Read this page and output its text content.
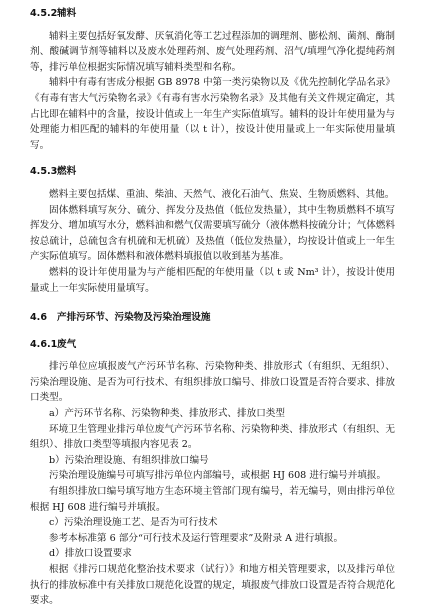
4.5.2辅料

辅料主要包括好氧发酵、厌氧消化等工艺过程添加的调理剂、膨松剂、菌剂、酶制剂、酸碱调节剂等辅料以及废水处理药剂、废气处理药剂、沼气/填埋气净化提纯药剂等，排污单位根据实际情况填写辅料类型和名称。

辅料中有毒有害成分根据 GB 8978 中第一类污染物以及《优先控制化学品名录》《有毒有害大气污染物名录》《有毒有害水污染物名录》及其他有关文件规定确定，其占比即在辅料中的含量，按设计值或上一年生产实际值填写。辅料的设计年使用量为与处理能力相匹配的辅料的年使用量（以 t 计），按设计使用量或上一年实际使用量填写。

4.5.3燃料

燃料主要包括煤、重油、柴油、天然气、液化石油气、焦炭、生物质燃料、其他。

固体燃料填写灰分、硫分、挥发分及热值（低位发热量），其中生物质燃料不填写挥发分、增加填写水分，燃料油和燃气仅需要填写硫分（液体燃料按硫分计；气体燃料按总硫计，总硫包含有机硫和无机硫）及热值（低位发热量），均按设计值或上一年生产实际值填写。固体燃料和液体燃料填报值以收到基为基准。

燃料的设计年使用量为与产能相匹配的年使用量（以 t 或 Nm³ 计），按设计使用量或上一年实际使用量填写。

4.6 产排污环节、污染物及污染治理设施

4.6.1废气

排污单位应填报废气产污环节名称、污染物种类、排放形式（有组织、无组织）、污染治理设施、是否为可行技术、有组织排放口编号、排放口设置是否符合要求、排放口类型。

a）产污环节名称、污染物种类、排放形式、排放口类型

环境卫生管理业排污单位废气产污环节名称、污染物种类、排放形式（有组织、无组织）、排放口类型等填报内容见表 2。

b）污染治理设施、有组织排放口编号

污染治理设施编号可填写排污单位内部编号，或根据 HJ 608 进行编号并填报。

有组织排放口编号填写地方生态环境主管部门现有编号，若无编号，则由排污单位根据 HJ 608 进行编号并填报。

c）污染治理设施工艺、是否为可行技术

参考本标准第 6 部分“可行技术及运行管理要求”及附录 A 进行填报。

d）排放口设置要求

根据《排污口规范化整治技术要求（试行）》和地方相关管理要求，以及排污单位执行的排放标准中有关排放口规范化设置的规定，填报废气排放口设置是否符合规范化要求。
